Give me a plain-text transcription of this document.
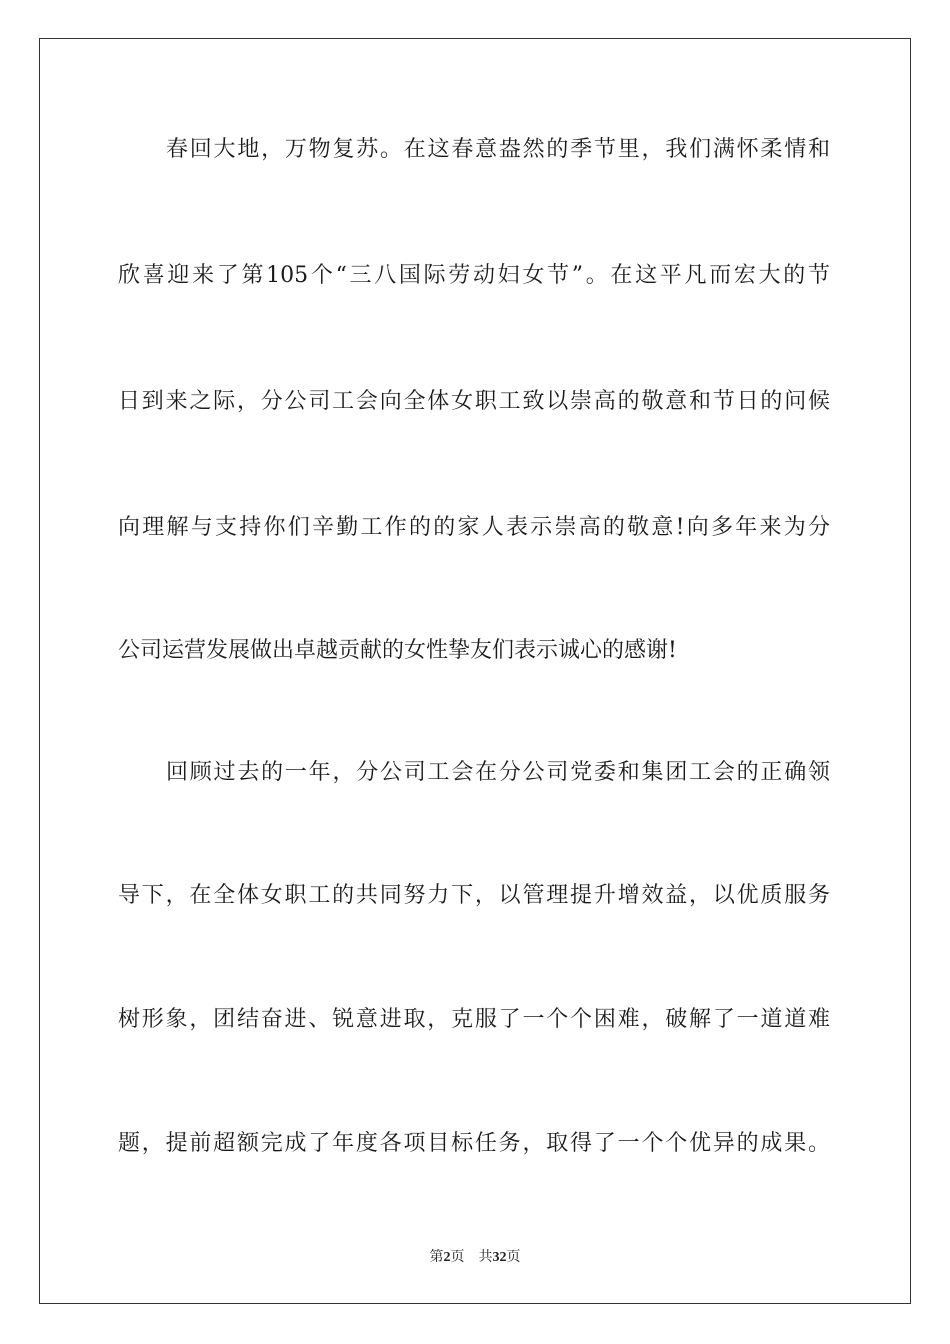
春回大地，万物复苏。在这春意盎然的季节里，我们满怀柔情和
欣喜迎来了第105个“三八国际劳动妇女节”。在这平凡而宏大的节
日到来之际，分公司工会向全体女职工致以崇高的敬意和节日的问候
向理解与支持你们辛勤工作的的家人表示崇高的敬意!向多年来为分
公司运营发展做出卓越贡献的女性挚友们表示诚心的感谢!
回顾过去的一年，分公司工会在分公司党委和集团工会的正确领
导下，在全体女职工的共同努力下，以管理提升增效益，以优质服务
树形象，团结奋进、锐意进取，克服了一个个困难，破解了一道道难
题，提前超额完成了年度各项目标任务，取得了一个个优异的成果。
第2页 共32页
